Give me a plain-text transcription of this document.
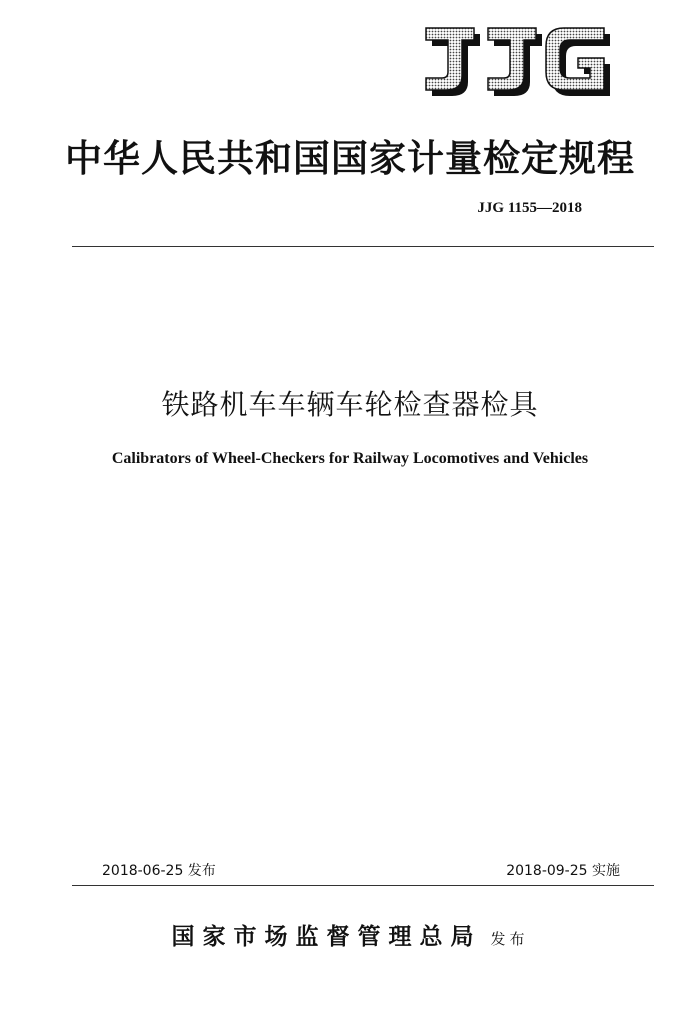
中华人民共和国国家计量检定规程
JJG 1155—2018
铁路机车车辆车轮检查器检具
Calibrators of Wheel-Checkers for Railway Locomotives and Vehicles
2018-06-25 发布	2018-09-25 实施
国家市场监督管理总局 发布
